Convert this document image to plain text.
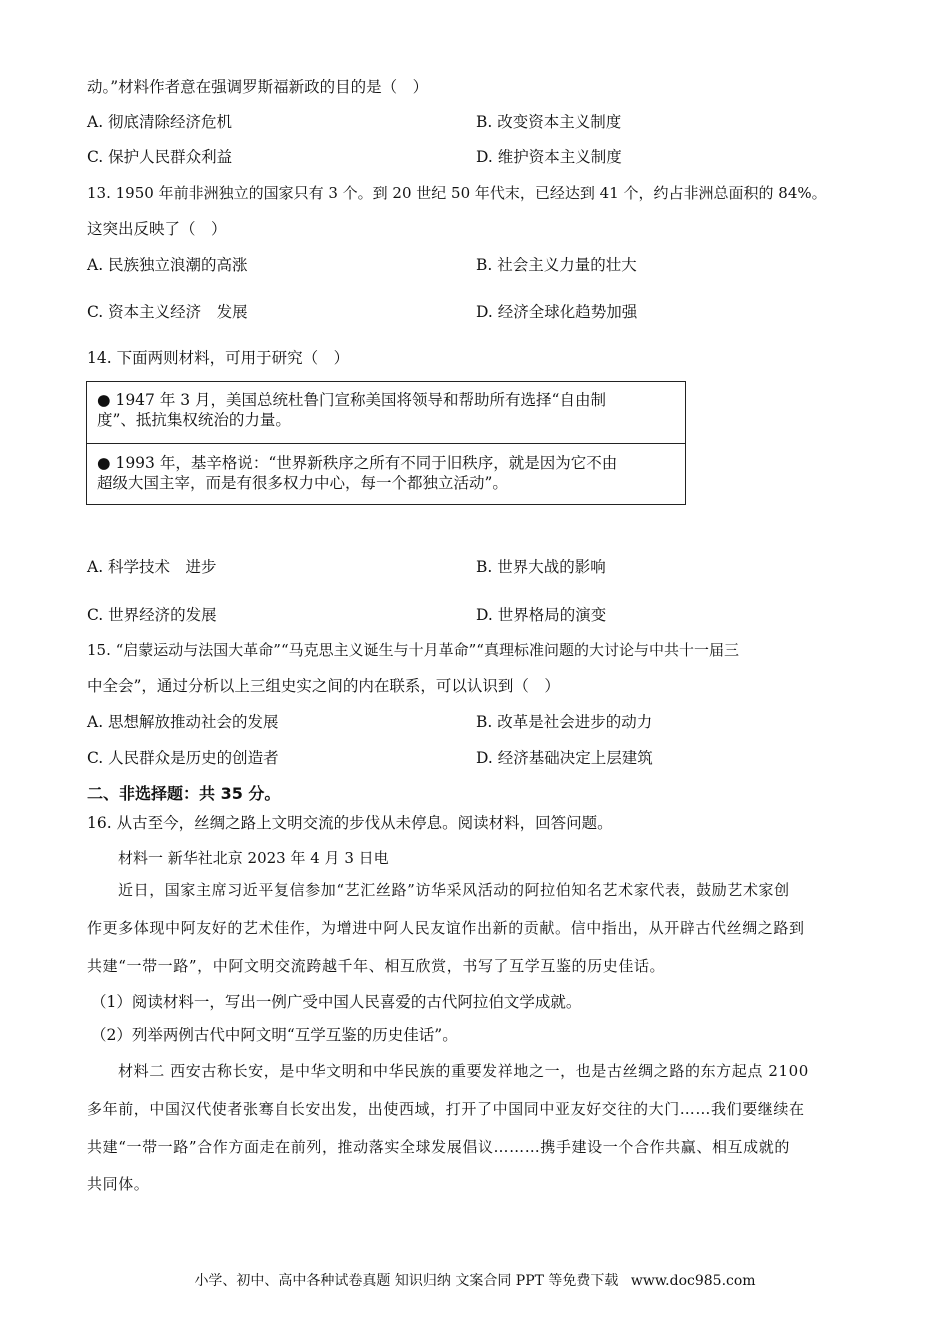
动。”材料作者意在强调罗斯福新政的目的是（　）
A. 彻底清除经济危机	B. 改变资本主义制度
C. 保护人民群众利益	D. 维护资本主义制度
13. 1950 年前非洲独立的国家只有 3 个。到 20 世纪 50 年代末，已经达到 41 个，约占非洲总面积的 84%。
这突出反映了（　）
A. 民族独立浪潮的高涨	B. 社会主义力量的壮大
C. 资本主义经济　发展	D. 经济全球化趋势加强
14. 下面两则材料，可用于研究（　）
● 1947 年 3 月，美国总统杜鲁门宣称美国将领导和帮助所有选择“自由制
度”、抵抗集权统治的力量。
● 1993 年，基辛格说：“世界新秩序之所有不同于旧秩序，就是因为它不由
超级大国主宰，而是有很多权力中心，每一个都独立活动”。
A. 科学技术　进步	B. 世界大战的影响
C. 世界经济的发展	D. 世界格局的演变
15. “启蒙运动与法国大革命”“马克思主义诞生与十月革命”“真理标准问题的大讨论与中共十一届三
中全会”，通过分析以上三组史实之间的内在联系，可以认识到（　）
A. 思想解放推动社会的发展	B. 改革是社会进步的动力
C. 人民群众是历史的创造者	D. 经济基础决定上层建筑
二、非选择题：共 35 分。
16. 从古至今，丝绸之路上文明交流的步伐从未停息。阅读材料，回答问题。
材料一 新华社北京 2023 年 4 月 3 日电
近日，国家主席习近平复信参加“艺汇丝路”访华采风活动的阿拉伯知名艺术家代表，鼓励艺术家创
作更多体现中阿友好的艺术佳作，为增进中阿人民友谊作出新的贡献。信中指出，从开辟古代丝绸之路到
共建“一带一路”，中阿文明交流跨越千年、相互欣赏，书写了互学互鉴的历史佳话。
（1）阅读材料一，写出一例广受中国人民喜爱的古代阿拉伯文学成就。
（2）列举两例古代中阿文明“互学互鉴的历史佳话”。
材料二 西安古称长安，是中华文明和中华民族的重要发祥地之一，也是古丝绸之路的东方起点 2100
多年前，中国汉代使者张骞自长安出发，出使西域，打开了中国同中亚友好交往的大门……我们要继续在
共建“一带一路”合作方面走在前列，推动落实全球发展倡议………携手建设一个合作共赢、相互成就的
共同体。
小学、初中、高中各种试卷真题 知识归纳 文案合同 PPT 等免费下载 www.doc985.com
